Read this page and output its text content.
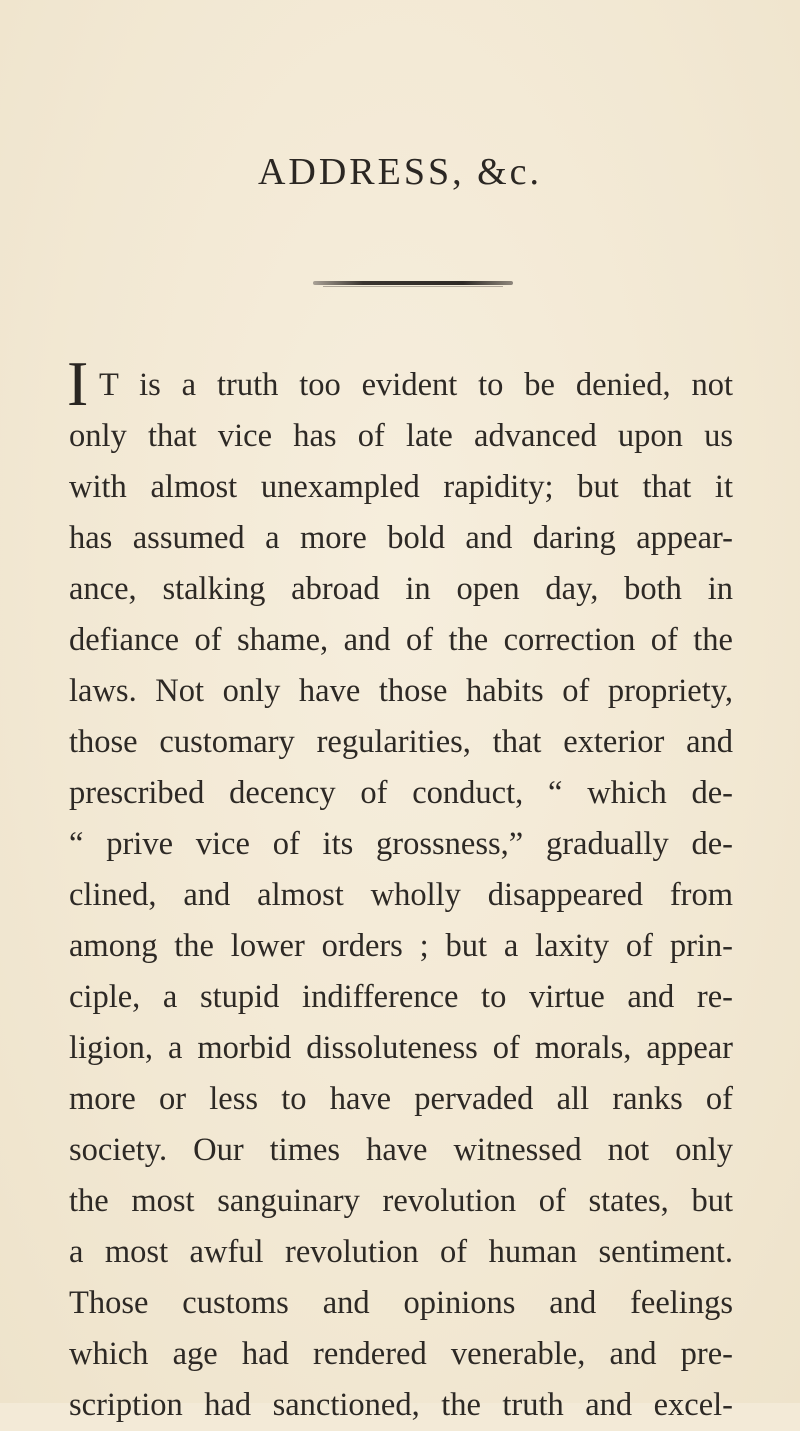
ADDRESS, &c.
I T is a truth too evident to be denied, not
only that vice has of late advanced upon us
with almost unexampled rapidity; but that it
has assumed a more bold and daring appear-
ance, stalking abroad in open day, both in
defiance of shame, and of the correction of the
laws. Not only have those habits of propriety,
those customary regularities, that exterior and
prescribed decency of conduct, “ which de-
“ prive vice of its grossness,” gradually de-
clined, and almost wholly disappeared from
among the lower orders ; but a laxity of prin-
ciple, a stupid indifference to virtue and re-
ligion, a morbid dissoluteness of morals, appear
more or less to have pervaded all ranks of
society. Our times have witnessed not only
the most sanguinary revolution of states, but
a most awful revolution of human sentiment.
Those customs and opinions and feelings
which age had rendered venerable, and pre-
scription had sanctioned, the truth and excel-
